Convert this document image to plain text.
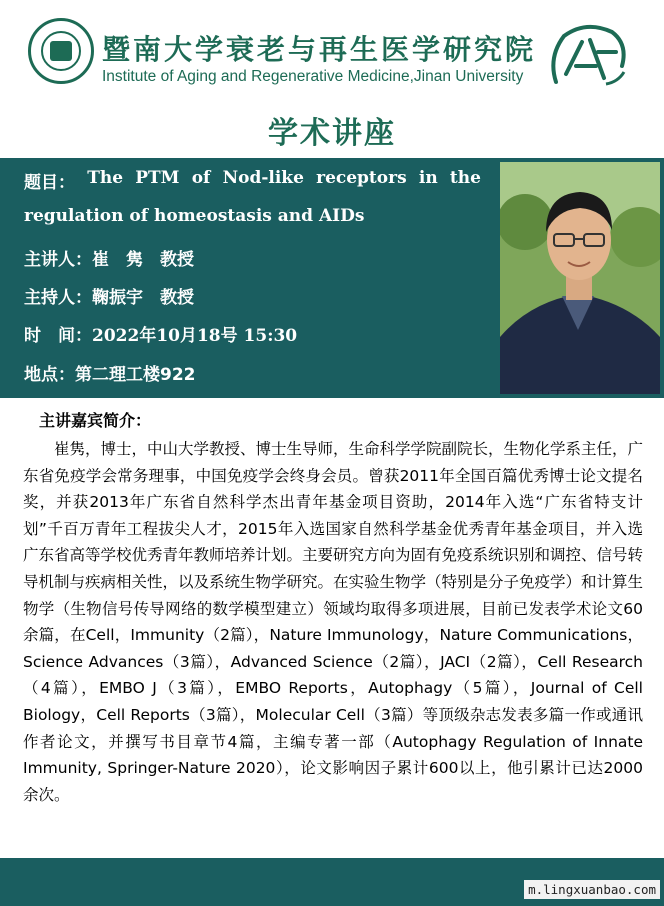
暨南大学衰老与再生医学研究院
Institute of Aging and Regenerative Medicine,Jinan University
学术讲座
题目： The PTM of Nod-like receptors in the
regulation of homeostasis and AIDs
主讲人：崔　隽　教授
主持人：鞠振宇　教授
时　间：2022年10月18号 15:30
地点：第二理工楼922
主讲嘉宾简介：
崔隽，博士，中山大学教授、博士生导师，生命科学学院副院长，生物化学系主任，广东省免疫学会常务理事，中国免疫学会终身会员。曾获2011年全国百篇优秀博士论文提名奖，并获2013年广东省自然科学杰出青年基金项目资助，2014年入选“广东省特支计划”千百万青年工程拔尖人才，2015年入选国家自然科学基金优秀青年基金项目，并入选广东省高等学校优秀青年教师培养计划。主要研究方向为固有免疫系统识别和调控、信号转导机制与疾病相关性，以及系统生物学研究。在实验生物学（特别是分子免疫学）和计算生物学（生物信号传导网络的数学模型建立）领域均取得多项进展，目前已发表学术论文60余篇，在Cell，Immunity（2篇），Nature Immunology，Nature Communications，Science Advances（3篇），Advanced Science（2篇），JACI（2篇），Cell Research（4篇），EMBO J（3篇），EMBO Reports，Autophagy（5篇），Journal of Cell Biology，Cell Reports（3篇），Molecular Cell（3篇）等顶级杂志发表多篇一作或通讯作者论文，并撰写书目章节4篇，主编专著一部（Autophagy Regulation of Innate Immunity, Springer-Nature 2020），论文影响因子累计600以上，他引累计已达2000余次。
m.lingxuanbao.com
